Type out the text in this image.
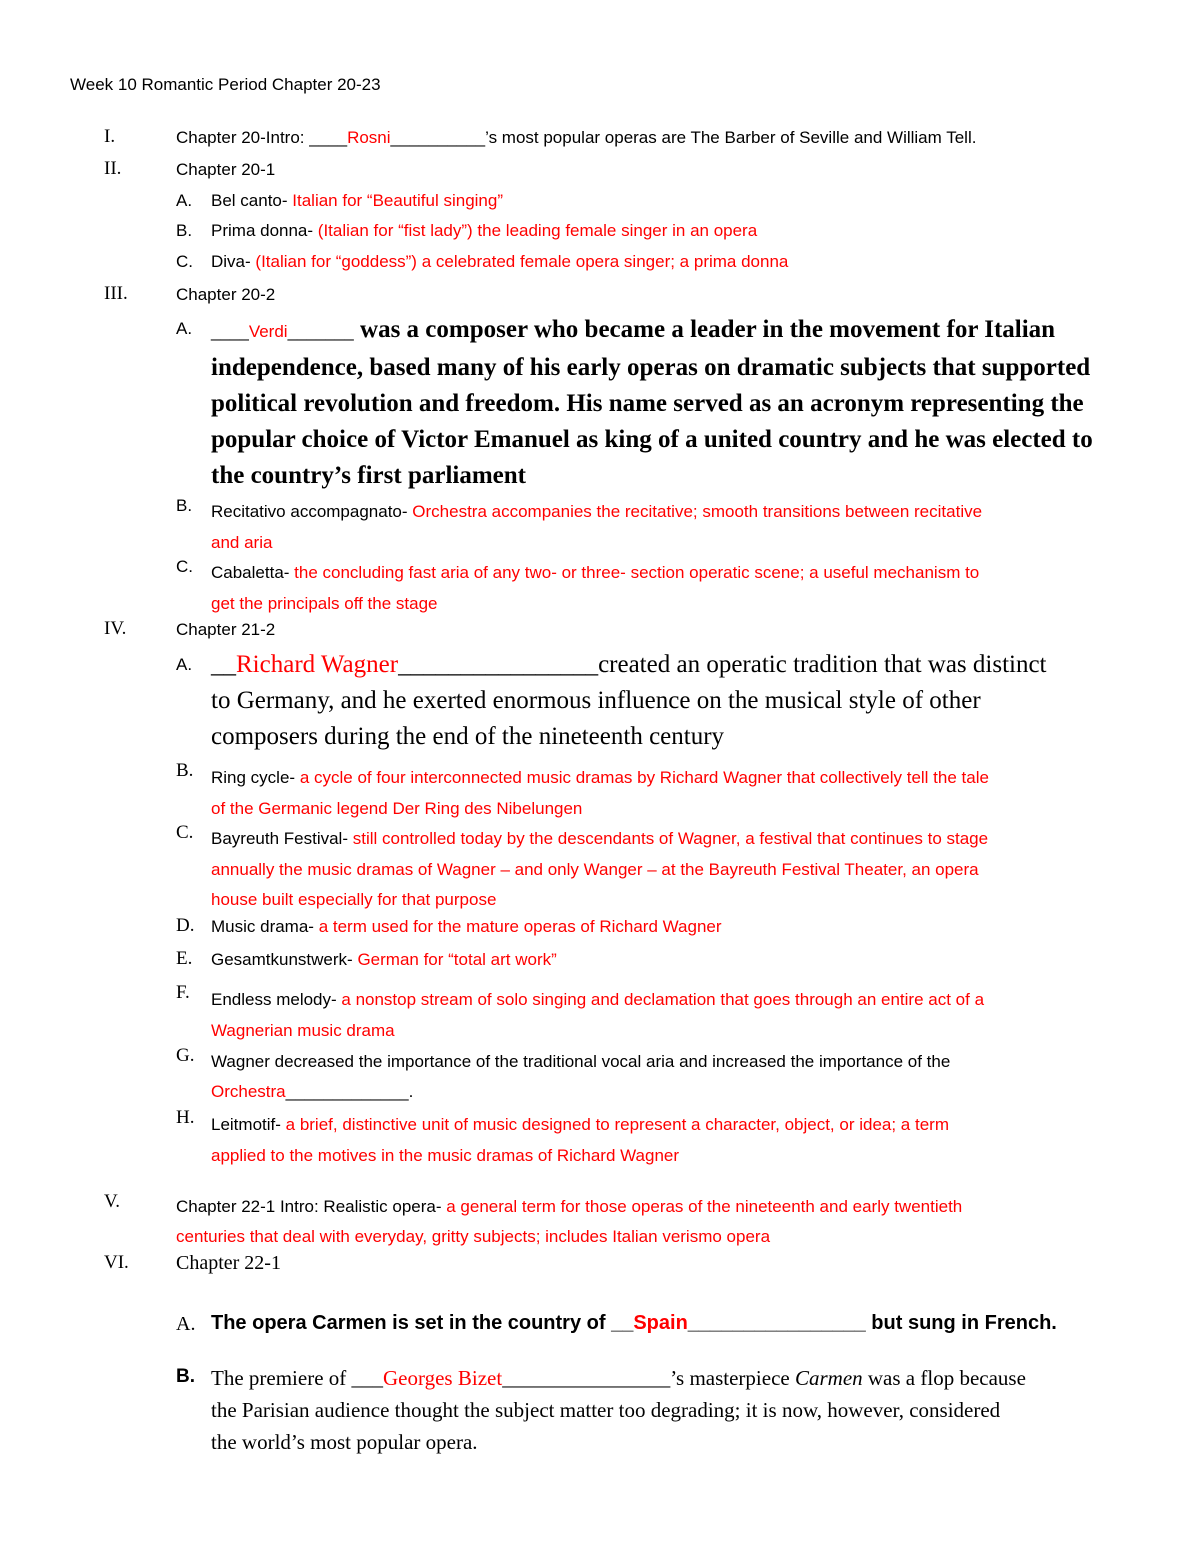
Week 10 Romantic Period Chapter 20-23
I.	Chapter 20-Intro: ____Rosni__________’s most popular operas are The Barber of Seville and William Tell.
II.	Chapter 20-1
A. Bel canto- Italian for “Beautiful singing”
B. Prima donna- (Italian for “fist lady”) the leading female singer in an opera
C. Diva- (Italian for “goddess”) a celebrated female opera singer; a prima donna
III.	Chapter 20-2
A. ____Verdi_______ was a composer who became a leader in the movement for Italian
independence, based many of his early operas on dramatic subjects that supported
political revolution and freedom. His name served as an acronym representing the
popular choice of Victor Emanuel as king of a united country and he was elected to
the country’s first parliament
B. Recitativo accompagnato- Orchestra accompanies the recitative; smooth transitions between recitative
and aria
C. Cabaletta- the concluding fast aria of any two- or three- section operatic scene; a useful mechanism to
get the principals off the stage
IV.	Chapter 21-2
A. __Richard Wagner________________created an operatic tradition that was distinct
to Germany, and he exerted enormous influence on the musical style of other
composers during the end of the nineteenth century
B. Ring cycle- a cycle of four interconnected music dramas by Richard Wagner that collectively tell the tale
of the Germanic legend Der Ring des Nibelungen
C. Bayreuth Festival- still controlled today by the descendants of Wagner, a festival that continues to stage
annually the music dramas of Wagner – and only Wanger – at the Bayreuth Festival Theater, an opera
house built especially for that purpose
D. Music drama- a term used for the mature operas of Richard Wagner
E. Gesamtkunstwerk- German for “total art work”
F. Endless melody- a nonstop stream of solo singing and declamation that goes through an entire act of a
Wagnerian music drama
G. Wagner decreased the importance of the traditional vocal aria and increased the importance of the
Orchestra_____________.
H. Leitmotif- a brief, distinctive unit of music designed to represent a character, object, or idea; a term
applied to the motives in the music dramas of Richard Wagner
V.	Chapter 22-1 Intro: Realistic opera- a general term for those operas of the nineteenth and early twentieth
centuries that deal with everyday, gritty subjects; includes Italian verismo opera
VI. Chapter 22-1
A. The opera Carmen is set in the country of __Spain________________ but sung in French.
B. The premiere of ___Georges Bizet________________’s masterpiece Carmen was a flop because
the Parisian audience thought the subject matter too degrading; it is now, however, considered
the world’s most popular opera.
